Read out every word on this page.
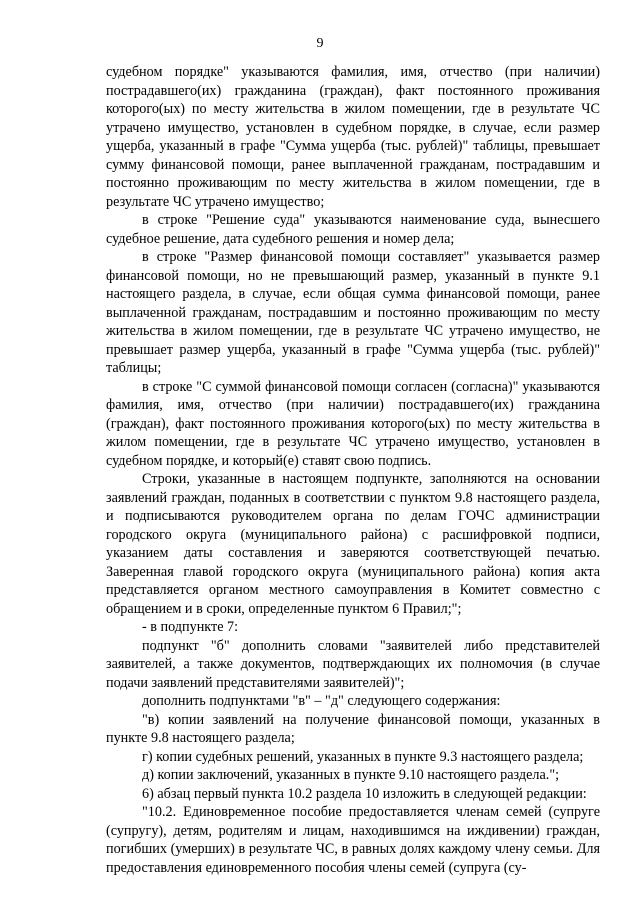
9

судебном порядке" указываются фамилия, имя, отчество (при наличии) пострадавшего(их) гражданина (граждан), факт постоянного проживания которого(ых) по месту жительства в жилом помещении, где в результате ЧС утрачено имущество, установлен в судебном порядке, в случае, если размер ущерба, указанный в графе "Сумма ущерба (тыс. рублей)" таблицы, превышает сумму финансовой помощи, ранее выплаченной гражданам, пострадавшим и постоянно проживающим по месту жительства в жилом помещении, где в результате ЧС утрачено имущество;

в строке "Решение суда" указываются наименование суда, вынесшего судебное решение, дата судебного решения и номер дела;

в строке "Размер финансовой помощи составляет" указывается размер финансовой помощи, но не превышающий размер, указанный в пункте 9.1 настоящего раздела, в случае, если общая сумма финансовой помощи, ранее выплаченной гражданам, пострадавшим и постоянно проживающим по месту жительства в жилом помещении, где в результате ЧС утрачено имущество, не превышает размер ущерба, указанный в графе "Сумма ущерба (тыс. рублей)" таблицы;

в строке "С суммой финансовой помощи согласен (согласна)" указываются фамилия, имя, отчество (при наличии) пострадавшего(их) гражданина (граждан), факт постоянного проживания которого(ых) по месту жительства в жилом помещении, где в результате ЧС утрачено имущество, установлен в судебном порядке, и который(е) ставят свою подпись.

Строки, указанные в настоящем подпункте, заполняются на основании заявлений граждан, поданных в соответствии с пунктом 9.8 настоящего раздела, и подписываются руководителем органа по делам ГОЧС администрации городского округа (муниципального района) с расшифровкой подписи, указанием даты составления и заверяются соответствующей печатью. Заверенная главой городского округа (муниципального района) копия акта представляется органом местного самоуправления в Комитет совместно с обращением и в сроки, определенные пунктом 6 Правил;";

- в подпункте 7:

подпункт "б" дополнить словами "заявителей либо представителей заявителей, а также документов, подтверждающих их полномочия (в случае подачи заявлений представителями заявителей)";

дополнить подпунктами "в" – "д" следующего содержания:

"в) копии заявлений на получение финансовой помощи, указанных в пункте 9.8 настоящего раздела;

г) копии судебных решений, указанных в пункте 9.3 настоящего раздела;

д) копии заключений, указанных в пункте 9.10 настоящего раздела.";

6) абзац первый пункта 10.2 раздела 10 изложить в следующей редакции:

"10.2. Единовременное пособие предоставляется членам семей (супруге (супругу), детям, родителям и лицам, находившимся на иждивении) граждан, погибших (умерших) в результате ЧС, в равных долях каждому члену семьи. Для предоставления единовременного пособия члены семей (супруга (су-
